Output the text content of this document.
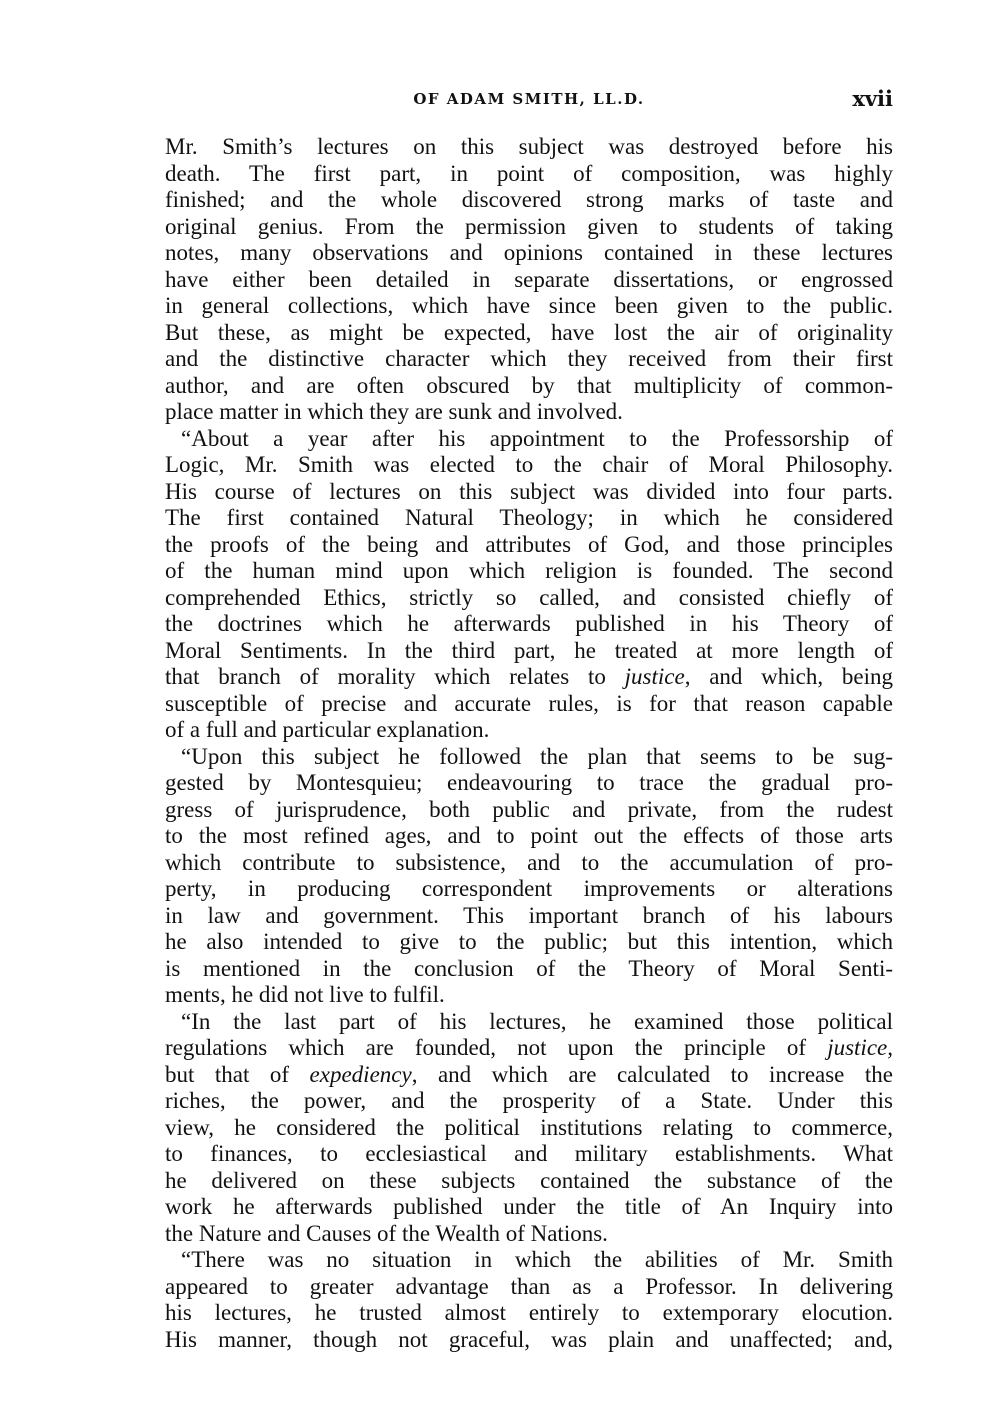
OF ADAM SMITH, LL.D.	xvii
Mr. Smith’s lectures on this subject was destroyed before his
death. The first part, in point of composition, was highly
finished; and the whole discovered strong marks of taste and
original genius. From the permission given to students of taking
notes, many observations and opinions contained in these lectures
have either been detailed in separate dissertations, or engrossed
in general collections, which have since been given to the public.
But these, as might be expected, have lost the air of originality
and the distinctive character which they received from their first
author, and are often obscured by that multiplicity of common-
place matter in which they are sunk and involved.
“About a year after his appointment to the Professorship of
Logic, Mr. Smith was elected to the chair of Moral Philosophy.
His course of lectures on this subject was divided into four parts.
The first contained Natural Theology; in which he considered
the proofs of the being and attributes of God, and those principles
of the human mind upon which religion is founded. The second
comprehended Ethics, strictly so called, and consisted chiefly of
the doctrines which he afterwards published in his Theory of
Moral Sentiments. In the third part, he treated at more length of
that branch of morality which relates to justice, and which, being
susceptible of precise and accurate rules, is for that reason capable
of a full and particular explanation.
“Upon this subject he followed the plan that seems to be sug-
gested by Montesquieu; endeavouring to trace the gradual pro-
gress of jurisprudence, both public and private, from the rudest
to the most refined ages, and to point out the effects of those arts
which contribute to subsistence, and to the accumulation of pro-
perty, in producing correspondent improvements or alterations
in law and government. This important branch of his labours
he also intended to give to the public; but this intention, which
is mentioned in the conclusion of the Theory of Moral Senti-
ments, he did not live to fulfil.
“In the last part of his lectures, he examined those political
regulations which are founded, not upon the principle of justice,
but that of expediency, and which are calculated to increase the
riches, the power, and the prosperity of a State. Under this
view, he considered the political institutions relating to commerce,
to finances, to ecclesiastical and military establishments. What
he delivered on these subjects contained the substance of the
work he afterwards published under the title of An Inquiry into
the Nature and Causes of the Wealth of Nations.
“There was no situation in which the abilities of Mr. Smith
appeared to greater advantage than as a Professor. In delivering
his lectures, he trusted almost entirely to extemporary elocution.
His manner, though not graceful, was plain and unaffected; and,
